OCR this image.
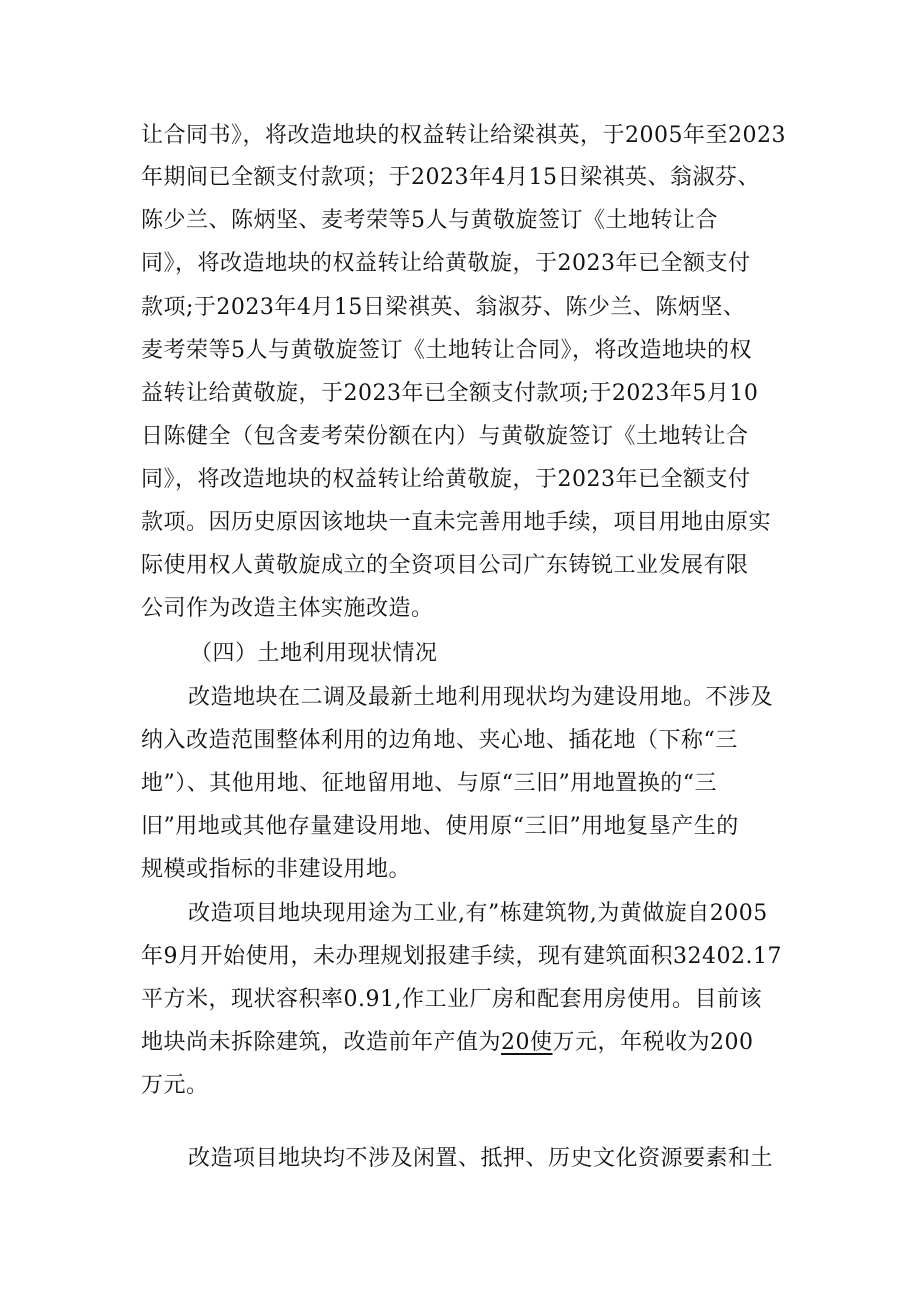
让合同书》，将改造地块的权益转让给梁祺英，于2005年至2023
年期间已全额支付款项；于2023年4月15日梁祺英、翁淑芬、
陈少兰、陈炳坚、麦考荣等5人与黄敬旋签订《土地转让合
同》，将改造地块的权益转让给黄敬旋，于2023年已全额支付
款项;于2023年4月15日梁祺英、翁淑芬、陈少兰、陈炳坚、
麦考荣等5人与黄敬旋签订《土地转让合同》，将改造地块的权
益转让给黄敬旋，于2023年已全额支付款项;于2023年5月10
日陈健全（包含麦考荣份额在内）与黄敬旋签订《土地转让合
同》，将改造地块的权益转让给黄敬旋，于2023年已全额支付
款项。因历史原因该地块一直未完善用地手续，项目用地由原实
际使用权人黄敬旋成立的全资项目公司广东铸锐工业发展有限
公司作为改造主体实施改造。
（四）土地利用现状情况
改造地块在二调及最新土地利用现状均为建设用地。不涉及
纳入改造范围整体利用的边角地、夹心地、插花地（下称“三
地”）、其他用地、征地留用地、与原“三旧”用地置换的“三
旧”用地或其他存量建设用地、使用原“三旧”用地复垦产生的
规模或指标的非建设用地。
改造项目地块现用途为工业,有”栋建筑物,为黄做旋自2005
年9月开始使用，未办理规划报建手续，现有建筑面积32402.17
平方米，现状容积率0.91,作工业厂房和配套用房使用。目前该
地块尚未拆除建筑，改造前年产值为20使万元，年税收为200
万元。
改造项目地块均不涉及闲置、抵押、历史文化资源要素和土
